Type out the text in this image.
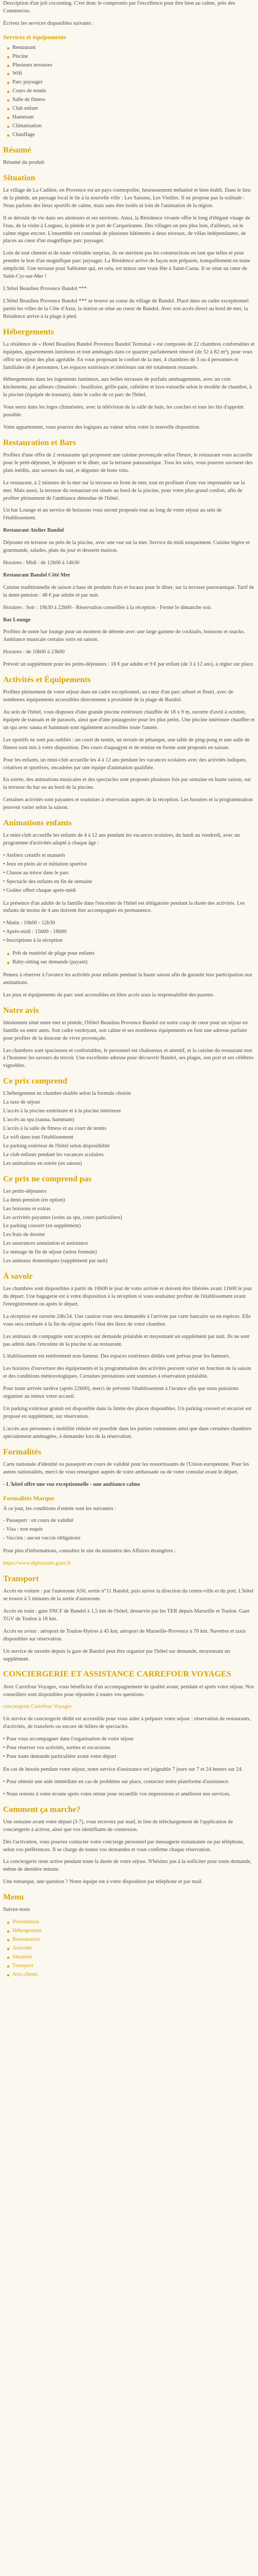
Description d'un joli cocooning. C'est donc le compromis par l'excellence pour être bien au calme, près des Commerces.

Écrivez les services disponibles suivants :

Services et équipements
Restaurant
Piscine
Plusieurs terrasses
Wifi
Parc paysager
Cours de tennis
Salle de fitness
Club enfant
Hammam
Climatisation
Chauffage
Résumé

Résumé du produit

Situation

Le village de La Cadière, en Provence est un pays cosmopolite, heureusement mélanisé et bien établi. Dans le lieu de la pinède, un paysage local le lie à la nouvelle ville : Les Saisons, Les Vieilles. Il ne propose pas la solitude : Nous parlons des lieux sportifs de calme, mais sans être isolés ni loin de l'animation de la région.

Il se déroule de vie dans ses alentours et ses environs. Ainsi, la Résidence vivante offre le long d'élégant visage de l'eau, de la visite à Lorgues, la pinède et le port de Carqueiranne. Des villages un peu plus loin, d'ailleurs, où le calme règne encore. L'ensemble est constitué de plusieurs bâtiments à deux niveaux, de villas indépendantes, de places au cœur d'un magnifique parc paysager.

Loin de tout chemin et de toute véritable surprise, ils ne méritent pas les constructions en tant que telles et pour prendre le bon d'un magnifique parc paysager. La Résidence arrive de façon non préparée, tranquillement en toute simplicité. Une terrasse pour Sablonne qui, en cela, est mieux une vraie fête à Saint-Carna. Il se situe au cœur de Saint-Cyr-sur-Mer !

L'hôtel Beaulieu Provence Bandol ***

L'hôtel Beaulieu Provence Bandol *** se trouve au coeur du village de Bandol. Placé dans un cadre exceptionnel parmi les villes de la Côte d'Azur, la station se situe au coeur de Bandol. Avec son accès direct au bord de mer, la Résidence arrive à la plage à pied.

Hébergements

La résidence de « Hotel Beaulieu Bandol Provence Bandol Terminal » est composée de 22 chambres confortables et équipées, appartements lumineux et tout aménagés dans ce quartier parfaitement rénové (de 52 à 82 m²), pour vous offrir un séjour des plus agréable. En vous proposant le confort de la mer, 4 chambres de 3 ou 4 personnes et familiales de 4 personnes. Les espaces extérieurs et intérieurs ont été totalement restaurés.

Hébergements dans les logements lumineux, aux belles terrasses de parfaits aménagements, avec un coin kitchenette, par ailleurs climatisés : bouilloire, grille-pain, cafetière et lave-vaisselle selon le modèle de chambre, à la piscine (équipée de transats), dans le cadre de ce parc de l'hôtel.

Vous serez dans les loges climatisées, avec la télévision de la salle de bain, les couches et tous les lits d'appoint possible.

Votre appartement, vous pourrez des logiques au valeur selon votre la nouvelle disposition.

Restauration et Bars

Profitez d'une offre de 2 restaurants qui proposent une cuisine provençale selon l'heure, le restaurant vous accueille pour le petit-déjeuner, le déjeuner et le dîner, sur la terrasse panoramique. Tous les soirs, vous pourrez savourer des plats inédits, aux saveurs du sud, et déguster de bons vins.

Le restaurant, à 2 minutes de la mer sur la terrasse en front de mer, tout en profitant d'une vue imprenable sur la mer. Mais aussi, la terrasse du restaurant est située au bord de la piscine, pour votre plus grand confort, afin de profiter pleinement de l'ambiance détendue de l'hôtel.

Un bar Lounge et un service de boissons vous seront proposés tout au long de votre séjour au sein de l'établissement.

Restaurant Atelier Bandol

Déjeuner en terrasse ou près de la piscine, avec une vue sur la mer. Service du midi uniquement. Cuisine légère et gourmande, salades, plats du jour et desserts maison.

Horaires : Midi : de 12h00 à 14h30

Restaurant Bandol Côté Mer

Cuisine traditionnelle de saison à base de produits frais et locaux pour le dîner, sur la terrasse panoramique. Tarif de la demi-pension : 48 € par adulte et par nuit.

Horaires : Soir : 19h30 à 22h00 - Réservation conseillée à la réception - Fermé le dimanche soir.

Bar Lounge

Profitez de notre bar lounge pour un moment de détente avec une large gamme de cocktails, boissons et snacks. Ambiance musicale certains soirs en saison.

Horaires : de 10h00 à 23h00

Prévoir un supplément pour les petits-déjeuners : 18 € par adulte et 9 € par enfant (de 3 à 12 ans), à régler sur place.

Activités et Équipements

Profitez pleinement de votre séjour dans un cadre exceptionnel, au cœur d'un parc arboré et fleuri, avec de nombreux équipements accessibles directement à proximité de la plage de Bandol.

Au sein de l'hôtel, vous disposez d'une grande piscine extérieure chauffée de 18 x 9 m, ouverte d'avril à octobre, équipée de transats et de parasols, ainsi que d'une pataugeoire pour les plus petits. Une piscine intérieure chauffée et un spa avec sauna et hammam sont également accessibles toute l'année.

Les sportifs ne sont pas oubliés : un court de tennis, un terrain de pétanque, une table de ping-pong et une salle de fitness sont mis à votre disposition. Des cours d'aquagym et de remise en forme sont proposés en saison.

Pour les enfants, un mini-club accueille les 4 à 12 ans pendant les vacances scolaires avec des activités ludiques, créatives et sportives, encadrées par une équipe d'animation qualifiée.

En soirée, des animations musicales et des spectacles sont proposés plusieurs fois par semaine en haute saison, sur la terrasse du bar ou au bord de la piscine.

Certaines activités sont payantes et soumises à réservation auprès de la réception. Les horaires et la programmation peuvent varier selon la saison.

Animations enfants

Le mini-club accueille les enfants de 4 à 12 ans pendant les vacances scolaires, du lundi au vendredi, avec un programme d'activités adapté à chaque âge :

• Ateliers créatifs et manuels
• Jeux en plein air et initiation sportive
• Chasse au trésor dans le parc
• Spectacle des enfants en fin de semaine
• Goûter offert chaque après-midi

La présence d'un adulte de la famille dans l'enceinte de l'hôtel est obligatoire pendant la durée des activités. Les enfants de moins de 4 ans doivent être accompagnés en permanence.

• Matin : 10h00 - 12h30
• Après-midi : 15h00 - 18h00
• Inscriptions à la réception
Prêt de matériel de plage pour enfants
Baby-sitting sur demande (payant)

Pensez à réserver à l'avance les activités pour enfants pendant la haute saison afin de garantir leur participation aux animations.

Les jeux et équipements du parc sont accessibles en libre accès sous la responsabilité des parents.

Notre avis

Idéalement situé entre mer et pinède, l'Hôtel Beaulieu Provence Bandol est notre coup de cœur pour un séjour en famille ou entre amis. Son cadre verdoyant, son calme et ses nombreux équipements en font une adresse parfaite pour profiter de la douceur de vivre provençale.

Les chambres sont spacieuses et confortables, le personnel est chaleureux et attentif, et la cuisine du restaurant met à l'honneur les saveurs du terroir. Une excellente adresse pour découvrir Bandol, ses plages, son port et ses célèbres vignobles.

Ce prix comprend
L'hébergement en chambre double selon la formule choisie
La taxe de séjour
L'accès à la piscine extérieure et à la piscine intérieure
L'accès au spa (sauna, hammam)
L'accès à la salle de fitness et au court de tennis
Le wifi dans tout l'établissement
Le parking extérieur de l'hôtel selon disponibilité
Le club enfants pendant les vacances scolaires
Les animations en soirée (en saison)
Ce prix ne comprend pas
Les petits-déjeuners
La demi-pension (en option)
Les boissons et extras
Les activités payantes (soins au spa, cours particuliers)
Le parking couvert (en supplément)
Les frais de dossier
Les assurances annulation et assistance
Le ménage de fin de séjour (selon formule)
Les animaux domestiques (supplément par nuit)
À savoir

Les chambres sont disponibles à partir de 16h00 le jour de votre arrivée et doivent être libérées avant 11h00 le jour du départ. Une bagagerie est à votre disposition à la réception si vous souhaitez profiter de l'établissement avant l'enregistrement ou après le départ.

La réception est ouverte 24h/24. Une caution vous sera demandée à l'arrivée par carte bancaire ou en espèces. Elle vous sera restituée à la fin du séjour après l'état des lieux de votre chambre.

Les animaux de compagnie sont acceptés sur demande préalable et moyennant un supplément par nuit. Ils ne sont pas admis dans l'enceinte de la piscine ni au restaurant.

L'établissement est entièrement non-fumeur. Des espaces extérieurs dédiés sont prévus pour les fumeurs.

Les horaires d'ouverture des équipements et la programmation des activités peuvent varier en fonction de la saison et des conditions météorologiques. Certaines prestations sont soumises à réservation préalable.

Pour toute arrivée tardive (après 22h00), merci de prévenir l'établissement à l'avance afin que nous puissions organiser au mieux votre accueil.

Un parking extérieur gratuit est disponible dans la limite des places disponibles. Un parking couvert et sécurisé est proposé en supplément, sur réservation.

L'accès aux personnes à mobilité réduite est possible dans les parties communes ainsi que dans certaines chambres spécialement aménagées, à demander lors de la réservation.

Formalités

Carte nationale d'identité ou passeport en cours de validité pour les ressortissants de l'Union européenne. Pour les autres nationalités, merci de vous renseigner auprès de votre ambassade ou de votre consulat avant le départ.

- L'hôtel offre une vue exceptionnelle - une ambiance calme

Formalités Marque

À ce jour, les conditions d'entrée sont les suivantes :

- Passeport : en cours de validité
- Visa : non requis
- Vaccins : aucun vaccin obligatoire

Pour plus d'informations, consultez le site du ministère des Affaires étrangères :

https://www.diplomatie.gouv.fr

Transport

Accès en voiture : par l'autoroute A50, sortie n°11 Bandol, puis suivre la direction du centre-ville et du port. L'hôtel se trouve à 5 minutes de la sortie d'autoroute.

Accès en train : gare SNCF de Bandol à 1,5 km de l'hôtel, desservie par les TER depuis Marseille et Toulon. Gare TGV de Toulon à 18 km.

Accès en avion : aéroport de Toulon-Hyères à 45 km, aéroport de Marseille-Provence à 70 km. Navettes et taxis disponibles sur réservation.

Un service de navette depuis la gare de Bandol peut être organisé par l'hôtel sur demande, moyennant un supplément.

CONCIERGERIE ET ASSISTANCE CARREFOUR VOYAGES

Avec Carrefour Voyages, vous bénéficiez d'un accompagnement de qualité avant, pendant et après votre séjour. Nos conseillers sont disponibles pour répondre à toutes vos questions.

conciergerie Carrefour Voyages

Un service de conciergerie dédié est accessible pour vous aider à préparer votre séjour : réservation de restaurants, d'activités, de transferts ou encore de billets de spectacles.

• Pour vous accompagner dans l'organisation de votre séjour
• Pour réserver vos activités, sorties et excursions
• Pour toute demande particulière avant votre départ

En cas de besoin pendant votre séjour, notre service d'assistance est joignable 7 jours sur 7 et 24 heures sur 24.

• Pour obtenir une aide immédiate en cas de problème sur place, contactez notre plateforme d'assistance.

• Nous restons à votre écoute après votre retour pour recueillir vos impressions et améliorer nos services.

Comment ça marche?

Une semaine avant votre départ (J-7), vous recevrez par mail, le lien de téléchargement de l'application de conciergerie à activer, ainsi que vos identifiants de connexion.

Dès l'activation, vous pourrez contacter votre concierge personnel par messagerie instantanée ou par téléphone, selon vos préférences. Il se charge de toutes vos demandes et vous confirme chaque réservation.

La conciergerie reste active pendant toute la durée de votre séjour. N'hésitez pas à la solliciter pour toute demande, même de dernière minute.

Une remarque, une question ? Notre équipe est à votre disposition par téléphone et par mail.

Menu

Suivez-nous

Présentation
Hébergement
Restauration
Activités
Situation
Transport
Avis clients
